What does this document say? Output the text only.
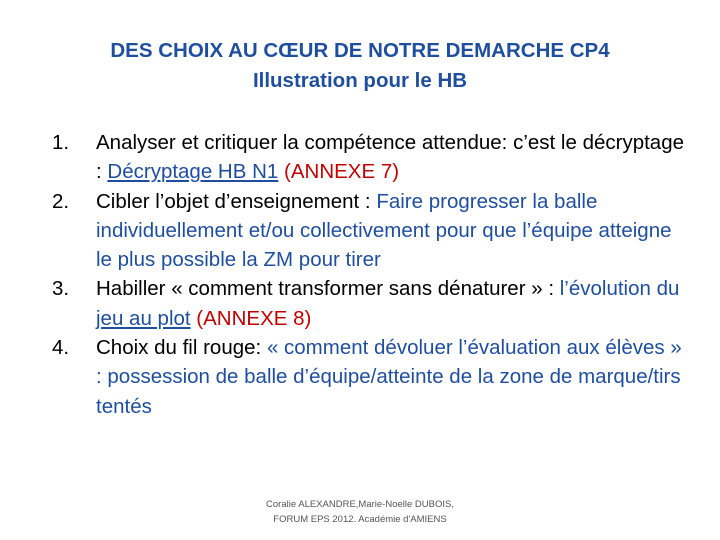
DES CHOIX AU CŒUR DE NOTRE DEMARCHE CP4
Illustration pour le HB
1. Analyser et critiquer la compétence attendue: c’est le décryptage : Décryptage HB N1 (ANNEXE 7)
2. Cibler l’objet d’enseignement : Faire progresser la balle individuellement et/ou collectivement pour que l’équipe atteigne le plus possible la ZM pour tirer
3. Habiller « comment transformer sans dénaturer » : l’évolution du jeu au plot (ANNEXE 8)
4. Choix du fil rouge: « comment dévoluer l’évaluation aux élèves » : possession de balle d’équipe/atteinte de la zone de marque/tirs tentés
Coralie ALEXANDRE,Marie-Noelle DUBOIS,
FORUM EPS 2012. Académie d'AMIENS
